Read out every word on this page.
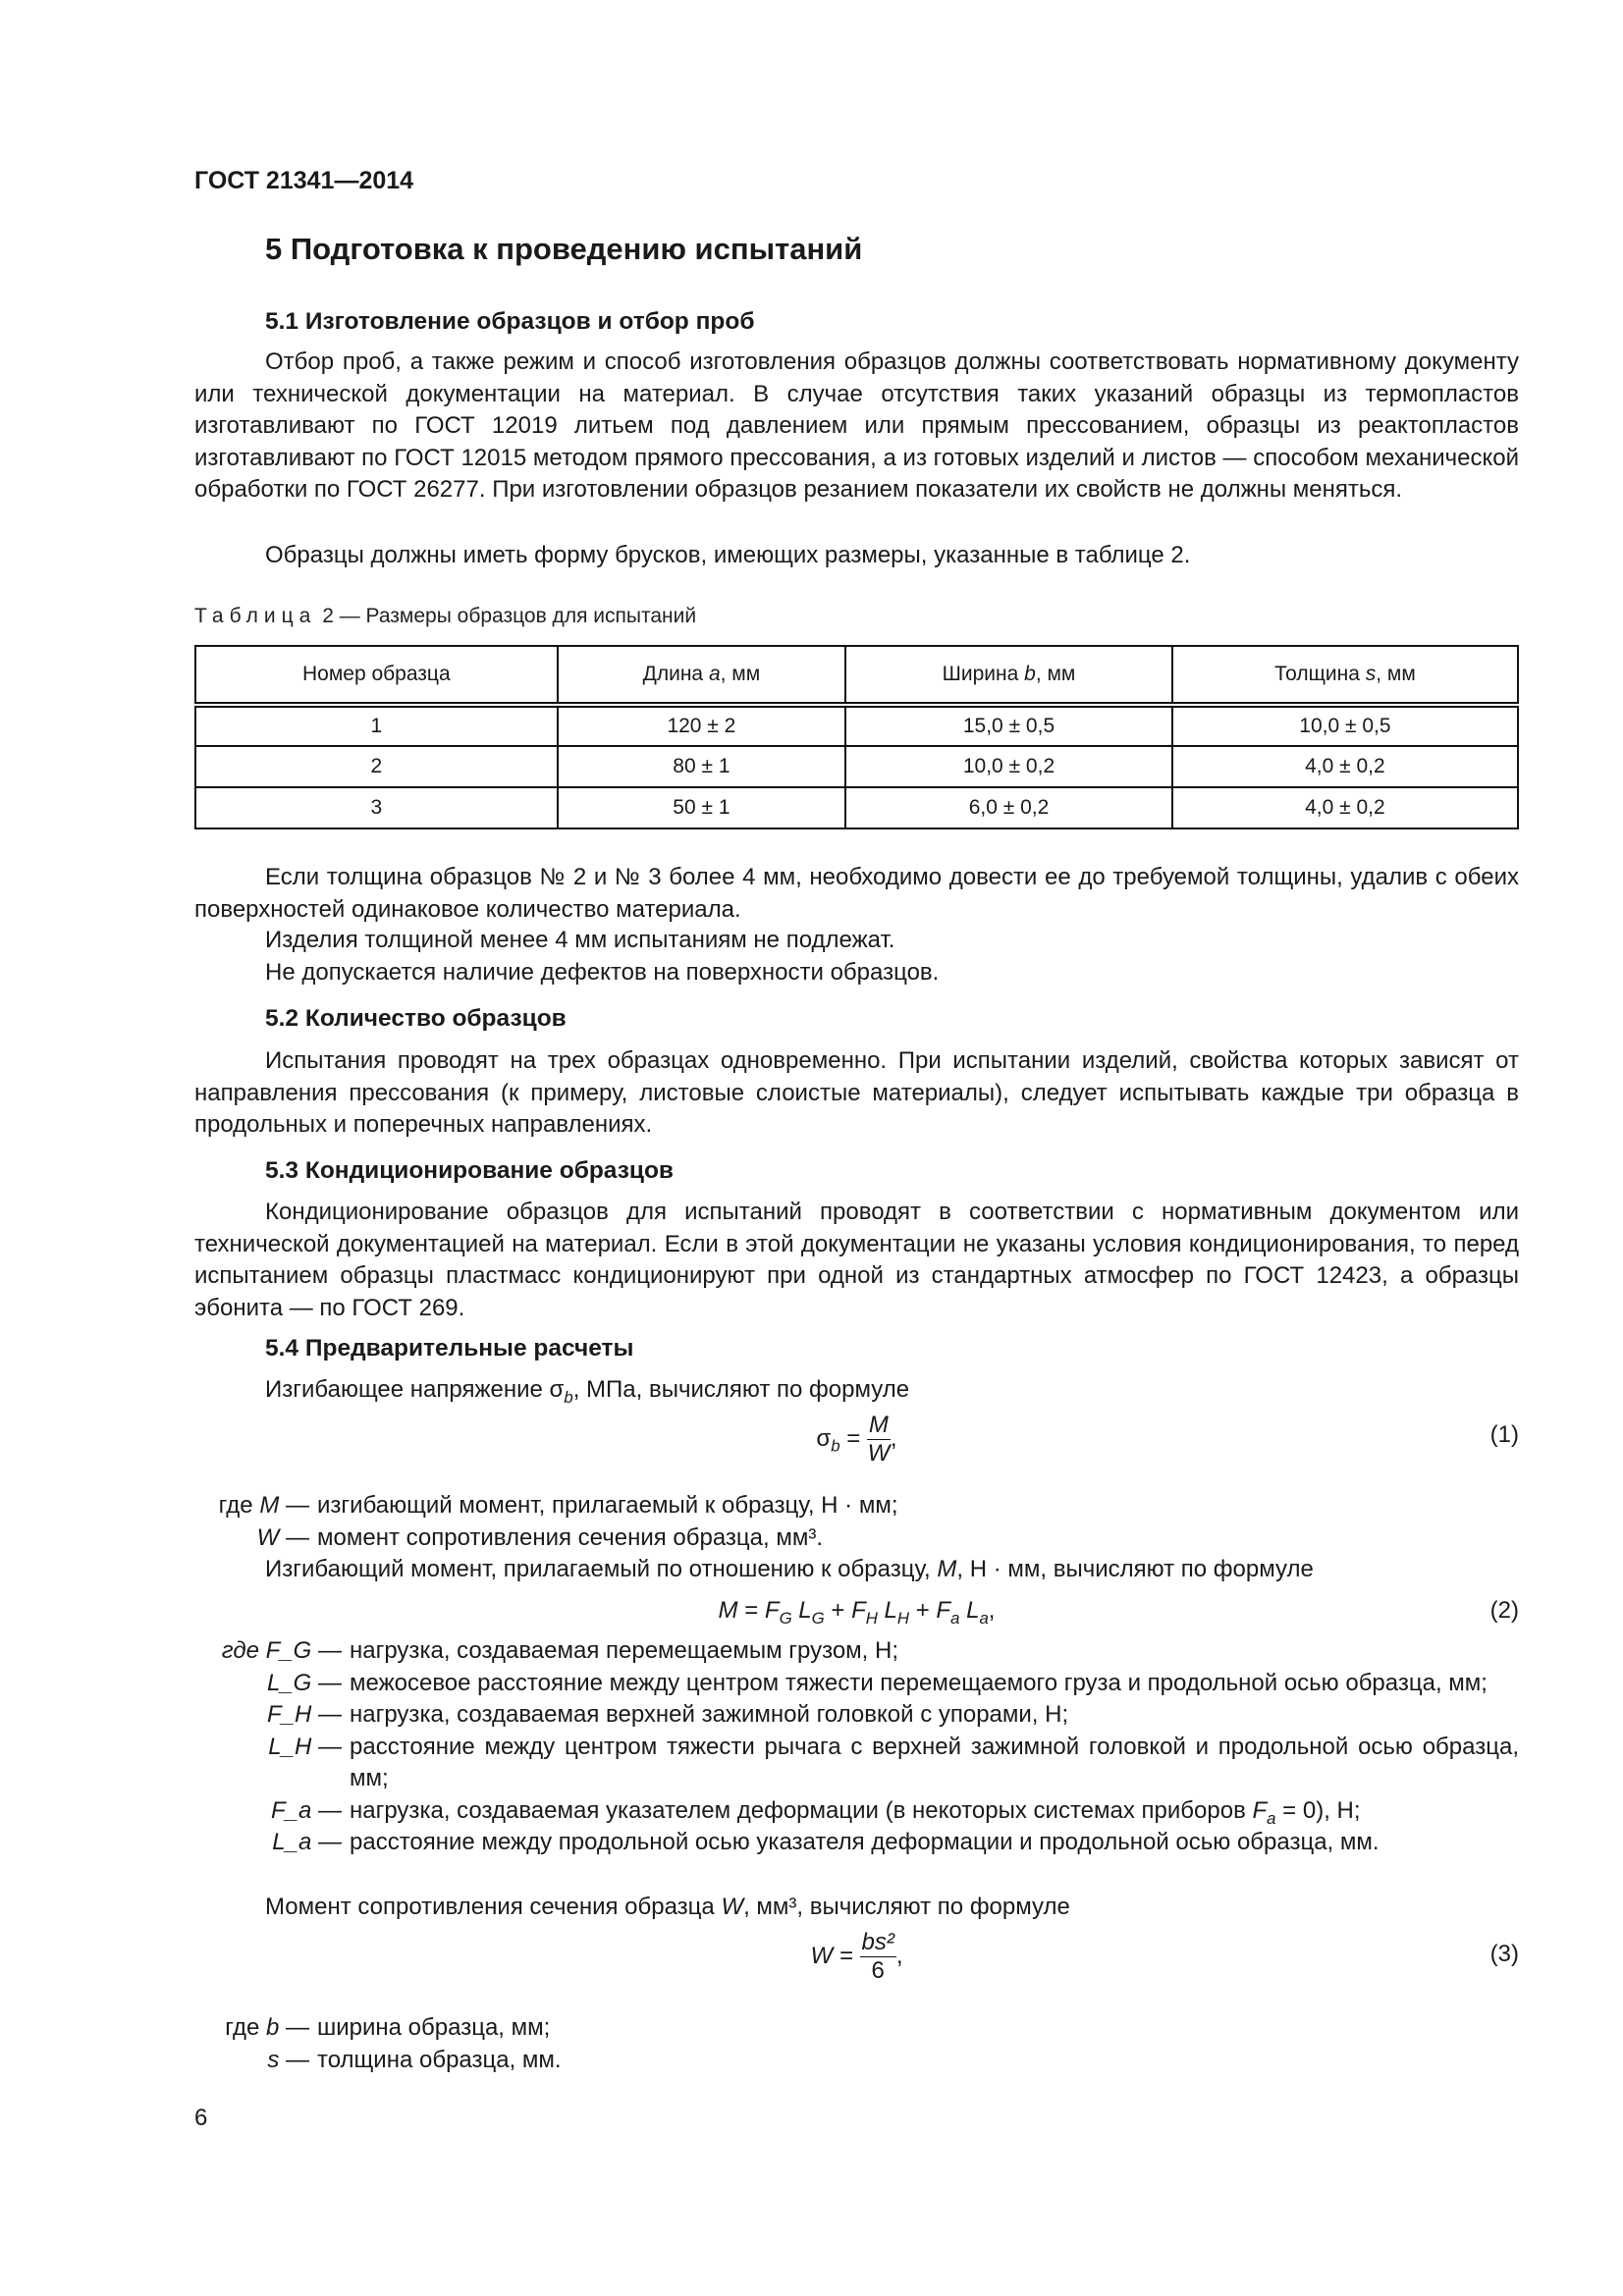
ГОСТ 21341—2014
5 Подготовка к проведению испытаний
5.1 Изготовление образцов и отбор проб
Отбор проб, а также режим и способ изготовления образцов должны соответствовать нормативному документу или технической документации на материал. В случае отсутствия таких указаний образцы из термопластов изготавливают по ГОСТ 12019 литьем под давлением или прямым прессованием, образцы из реактопластов изготавливают по ГОСТ 12015 методом прямого прессования, а из готовых изделий и листов — способом механической обработки по ГОСТ 26277. При изготовлении образцов резанием показатели их свойств не должны меняться.
Образцы должны иметь форму брусков, имеющих размеры, указанные в таблице 2.
Таблица 2 — Размеры образцов для испытаний
Номер образца	Длина a, мм	Ширина b, мм	Толщина s, мм
1	120 ± 2	15,0 ± 0,5	10,0 ± 0,5
2	80 ± 1	10,0 ± 0,2	4,0 ± 0,2
3	50 ± 1	6,0 ± 0,2	4,0 ± 0,2
Если толщина образцов № 2 и № 3 более 4 мм, необходимо довести ее до требуемой толщины, удалив с обеих поверхностей одинаковое количество материала.
Изделия толщиной менее 4 мм испытаниям не подлежат.
Не допускается наличие дефектов на поверхности образцов.
5.2 Количество образцов
Испытания проводят на трех образцах одновременно. При испытании изделий, свойства которых зависят от направления прессования (к примеру, листовые слоистые материалы), следует испытывать каждые три образца в продольных и поперечных направлениях.
5.3 Кондиционирование образцов
Кондиционирование образцов для испытаний проводят в соответствии с нормативным документом или технической документацией на материал. Если в этой документации не указаны условия кондиционирования, то перед испытанием образцы пластмасс кондиционируют при одной из стандартных атмосфер по ГОСТ 12423, а образцы эбонита — по ГОСТ 269.
5.4 Предварительные расчеты
Изгибающее напряжение $\sigma_b$, МПа, вычисляют по формуле
$\sigma_b = \frac{M}{W}$ ,	(1)
где M — изгибающий момент, прилагаемый к образцу, Н · мм;
W — момент сопротивления сечения образца, мм³.
Изгибающий момент, прилагаемый по отношению к образцу, M, Н · мм, вычисляют по формуле
$M = F_G$ $L_G + F_H$ $L_H + F_a$ $L_a$,	(2)
где F_G — нагрузка, создаваемая перемещаемым грузом, Н;
L_G — межосевое расстояние между центром тяжести перемещаемого груза и продольной осью образца, мм;
F_H — нагрузка, создаваемая верхней зажимной головкой с упорами, Н;
L_H — расстояние между центром тяжести рычага с верхней зажимной головкой и продольной осью образца, мм;
F_a — нагрузка, создаваемая указателем деформации (в некоторых системах приборов $F_a = 0$), Н;
L_a — расстояние между продольной осью указателя деформации и продольной осью образца, мм.
Момент сопротивления сечения образца W, мм³, вычисляют по формуле
$W = \frac{\text{bs²}}{6}$ ,	(3)
где b — ширина образца, мм;
s — толщина образца, мм.
6
